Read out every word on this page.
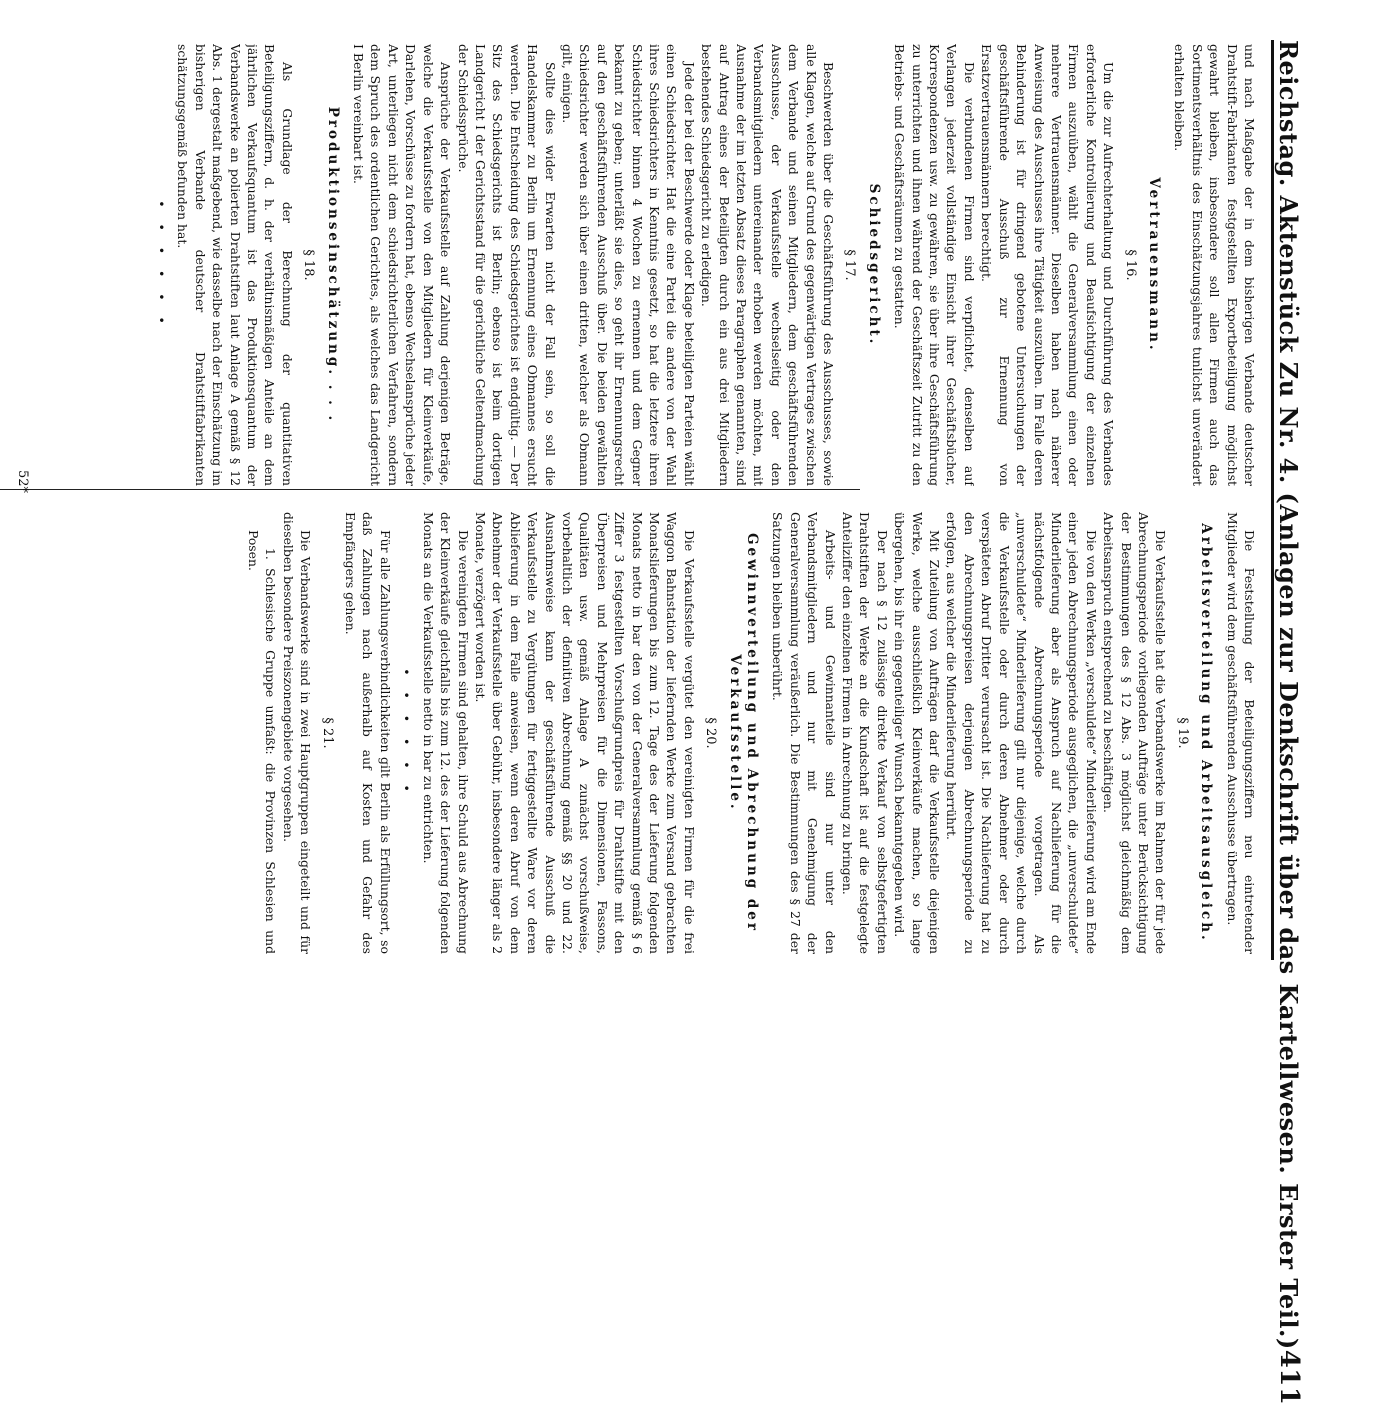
Reichstag. Aktenstück Zu Nr. 4. (Anlagen zur Denkschrift über das Kartellwesen. Erster Teil.)
411

und nach Maßgabe der in dem bisherigen Verbande deutscher Drahtstift-Fabrikanten festgestellten Exportbeteiligung möglichst gewahrt bleiben, insbesondere soll allen Firmen auch das Sortimentsverhältnis des Einschätzungsjahres tunlichst unverändert erhalten bleiben.

Vertrauensmann.
§ 16.

Um die zur Aufrechterhaltung und Durchführung des Verbandes erforderliche Kontrollierung und Beaufsichtigung der einzelnen Firmen auszuüben, wählt die Generalversammlung einen oder mehrere Vertrauensmänner. Dieselben haben nach näherer Anweisung des Ausschusses ihre Tätigkeit auszuüben. Im Falle deren Behinderung ist für dringend gebotene Untersuchungen der geschäftsführende Ausschuß zur Ernennung von Ersatzvertrauensmännern berechtigt.

Die verbundenen Firmen sind verpflichtet, denselben auf Verlangen jederzeit vollständige Einsicht ihrer Geschäftsbücher, Korrespondenzen usw. zu gewähren, sie über ihre Geschäftsführung zu unterrichten und ihnen während der Geschäftszeit Zutritt zu den Betriebs- und Geschäftsräumen zu gestatten.

Schiedsgericht.
§ 17.

Beschwerden über die Geschäftsführung des Ausschusses, sowie alle Klagen, welche auf Grund des gegenwärtigen Vertrages zwischen dem Verbande und seinen Mitgliedern, dem geschäftsführenden Ausschusse, der Verkaufsstelle wechselseitig oder den Verbandsmitgliedern untereinander erhoben werden möchten, mit Ausnahme der im letzten Absatz dieses Paragraphen genannten, sind auf Antrag eines der Beteiligten durch ein aus drei Mitgliedern bestehendes Schiedsgericht zu erledigen.

Jede der bei der Beschwerde oder Klage beteiligten Parteien wählt einen Schiedsrichter. Hat die eine Partei die andere von der Wahl ihres Schiedsrichters in Kenntnis gesetzt, so hat die letztere ihren Schiedsrichter binnen 4 Wochen zu ernennen und dem Gegner bekannt zu geben; unterläßt sie dies, so geht ihr Ernennungsrecht auf den geschäftsführenden Ausschuß über. Die beiden gewählten Schiedsrichter werden sich über einen dritten, welcher als Obmann gilt, einigen.

Sollte dies wider Erwarten nicht der Fall sein, so soll die Handelskammer zu Berlin um Ernennung eines Obmannes ersucht werden. Die Entscheidung des Schiedsgerichtes ist endgültig. — Der Sitz des Schiedsgerichts ist Berlin; ebenso ist beim dortigen Landgericht I der Gerichtsstand für die gerichtliche Geltendmachung der Schiedssprüche.

Ansprüche der Verkaufsstelle auf Zahlung derjenigen Beträge, welche die Verkaufsstelle von den Mitgliedern für Kleinverkäufe, Darlehen, Vorschüsse zu fordern hat, ebenso Wechselansprüche jeder Art, unterliegen nicht dem schiedsrichterlichen Verfahren, sondern dem Spruch des ordentlichen Gerichtes, als welches das Landgericht I Berlin vereinbart ist.

Produktionseinschätzung. . . .
§ 18.

Als Grundlage der Berechnung der quantitativen Beteiligungsziffern, d. h. der verhältnismäßigen Anteile an dem jährlichen Verkaufsquantum ist das Produktionsquantum der Verbandswerke an polierten Drahtstiften laut Anlage A gemäß § 12 Abs. 1 dergestalt maßgebend, wie dasselbe nach der Einschätzung im bisherigen Verbande deutscher Drahtstiftfabrikanten schätzungsgemäß befunden hat.

• • • • • •

Die Feststellung der Beteiligungsziffern neu eintretender Mitglieder wird dem geschäftsführenden Ausschusse übertragen.

Arbeitsverteilung und Arbeitsausgleich.
§ 19.

Die Verkaufsstelle hat die Verbandswerke im Rahmen der für jede Abrechnungsperiode vorliegenden Aufträge unter Berücksichtigung der Bestimmungen des § 12 Abs. 3 möglichst gleichmäßig dem Arbeitsanspruch entsprechend zu beschäftigen.

Die von den Werken „verschuldete“ Minderlieferung wird am Ende einer jeden Abrechnungsperiode ausgeglichen, die „unverschuldete“ Minderlieferung aber als Anspruch auf Nachlieferung für die nächstfolgende Abrechnungsperiode vorgetragen. Als „unverschuldete“ Minderlieferung gilt nur diejenige, welche durch die Verkaufsstelle oder durch deren Abnehmer oder durch verspäteten Abruf Dritter verursacht ist. Die Nachlieferung hat zu den Abrechnungspreisen derjenigen Abrechnungsperiode zu erfolgen, aus welcher die Minderlieferung herrührt.

Mit Zuteilung von Aufträgen darf die Verkaufsstelle diejenigen Werke, welche ausschließlich Kleinverkäufe machen, so lange übergehen, bis ihr ein gegenteiliger Wunsch bekanntgegeben wird.

Der nach § 12 zulässige direkte Verkauf von selbstgefertigten Drahtstiften der Werke an die Kundschaft ist auf die festgelegte Anteilziffer den einzelnen Firmen in Anrechnung zu bringen.

Arbeits- und Gewinnanteile sind nur unter den Verbandsmitgliedern und nur mit Genehmigung der Generalversammlung veräußerlich. Die Bestimmungen des § 27 der Satzungen bleiben unberührt.

Gewinnverteilung und Abrechnung der Verkaufsstelle.
§ 20.

Die Verkaufsstelle vergütet den vereinigten Firmen für die frei Waggon Bahnstation der liefernden Werke zum Versand gebrachten Monatslieferungen bis zum 12. Tage des der Lieferung folgenden Monats netto in bar den von der Generalversammlung gemäß § 6 Ziffer 3 festgestellten Vorschußgrundpreis für Drahtstifte mit den Überpreisen und Mehrpreisen für die Dimensionen, Fassons, Qualitäten usw. gemäß Anlage A zunächst vorschußweise, vorbehaltlich der definitiven Abrechnung gemäß §§ 20 und 22. Ausnahmsweise kann der geschäftsführende Ausschuß die Verkaufsstelle zu Vergütungen für fertiggestellte Ware vor deren Ablieferung in dem Falle anweisen, wenn deren Abruf von dem Abnehmer der Verkaufsstelle über Gebühr, insbesondere länger als 2 Monate, verzögert worden ist.

Die vereinigten Firmen sind gehalten, ihre Schuld aus Abrechnung der Kleinverkäufe gleichfalls bis zum 12. des der Lieferung folgenden Monats an die Verkaufsstelle netto in bar zu entrichten.

• • • • • •

Für alle Zahlungsverbindlichkeiten gilt Berlin als Erfüllungsort, so daß Zahlungen nach außerhalb auf Kosten und Gefahr des Empfängers gehen.

§ 21.

Die Verbandswerke sind in zwei Hauptgruppen eingeteilt und für dieselben besondere Preiszonengebiete vorgesehen.

1. Schlesische Gruppe umfaßt: die Provinzen Schlesien und Posen.

52*
